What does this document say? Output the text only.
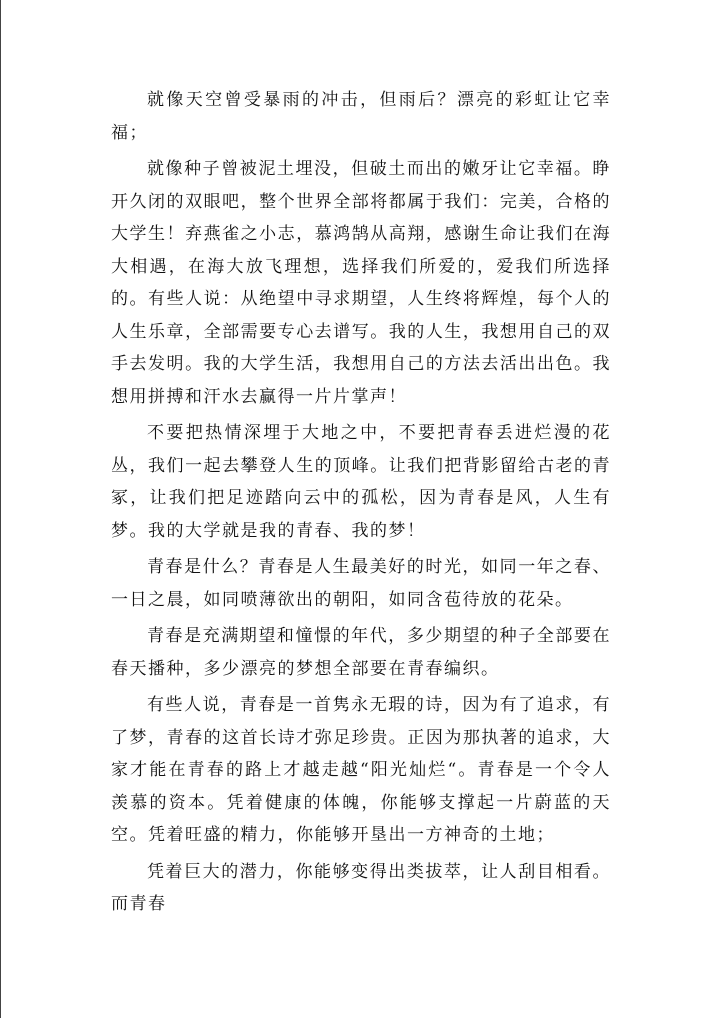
就像天空曾受暴雨的冲击，但雨后？漂亮的彩虹让它幸福；

就像种子曾被泥土埋没，但破土而出的嫩牙让它幸福。睁开久闭的双眼吧，整个世界全部将都属于我们：完美，合格的大学生！弃燕雀之小志，慕鸿鹄从高翔，感谢生命让我们在海大相遇，在海大放飞理想，选择我们所爱的，爱我们所选择的。有些人说：从绝望中寻求期望，人生终将辉煌，每个人的人生乐章，全部需要专心去谱写。我的人生，我想用自己的双手去发明。我的大学生活，我想用自己的方法去活出出色。我想用拼搏和汗水去赢得一片片掌声！

不要把热情深埋于大地之中，不要把青春丢进烂漫的花丛，我们一起去攀登人生的顶峰。让我们把背影留给古老的青冢，让我们把足迹踏向云中的孤松，因为青春是风，人生有梦。我的大学就是我的青春、我的梦！

青春是什么？青春是人生最美好的时光，如同一年之春、一日之晨，如同喷薄欲出的朝阳，如同含苞待放的花朵。

青春是充满期望和憧憬的年代，多少期望的种子全部要在春天播种，多少漂亮的梦想全部要在青春编织。

有些人说，青春是一首隽永无瑕的诗，因为有了追求，有了梦，青春的这首长诗才弥足珍贵。正因为那执著的追求，大家才能在青春的路上才越走越“阳光灿烂“。青春是一个令人羡慕的资本。凭着健康的体魄，你能够支撑起一片蔚蓝的天空。凭着旺盛的精力，你能够开垦出一方神奇的土地；

凭着巨大的潜力，你能够变得出类拔萃，让人刮目相看。而青春
